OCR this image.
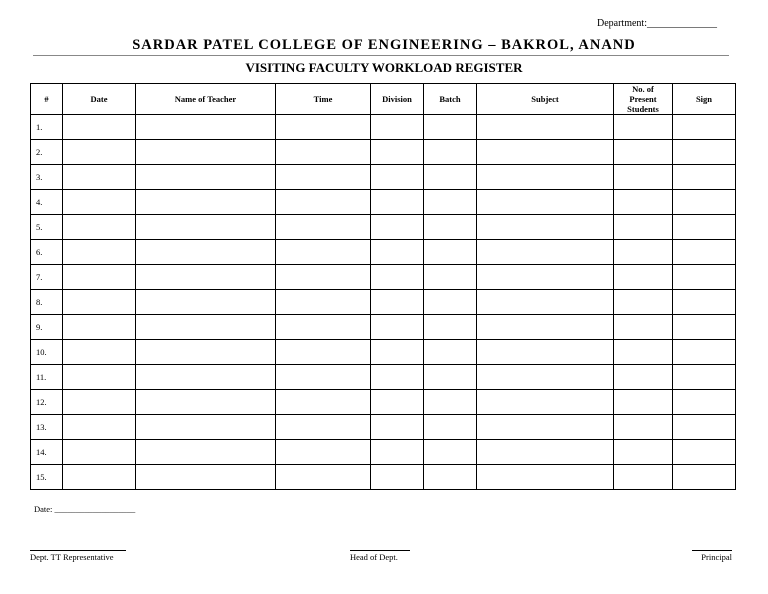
Department:______________
SARDAR PATEL COLLEGE OF ENGINEERING – BAKROL, ANAND
VISITING FACULTY WORKLOAD REGISTER
#	Date	Name of Teacher	Time	Division	Batch	Subject	No. of Present Students	Sign
1.								
2.								
3.								
4.								
5.								
6.								
7.								
8.								
9.								
10.								
11.								
12.								
13.								
14.								
15.								
Date: ___________________
Dept. TT Representative	Head of Dept.	Principal
